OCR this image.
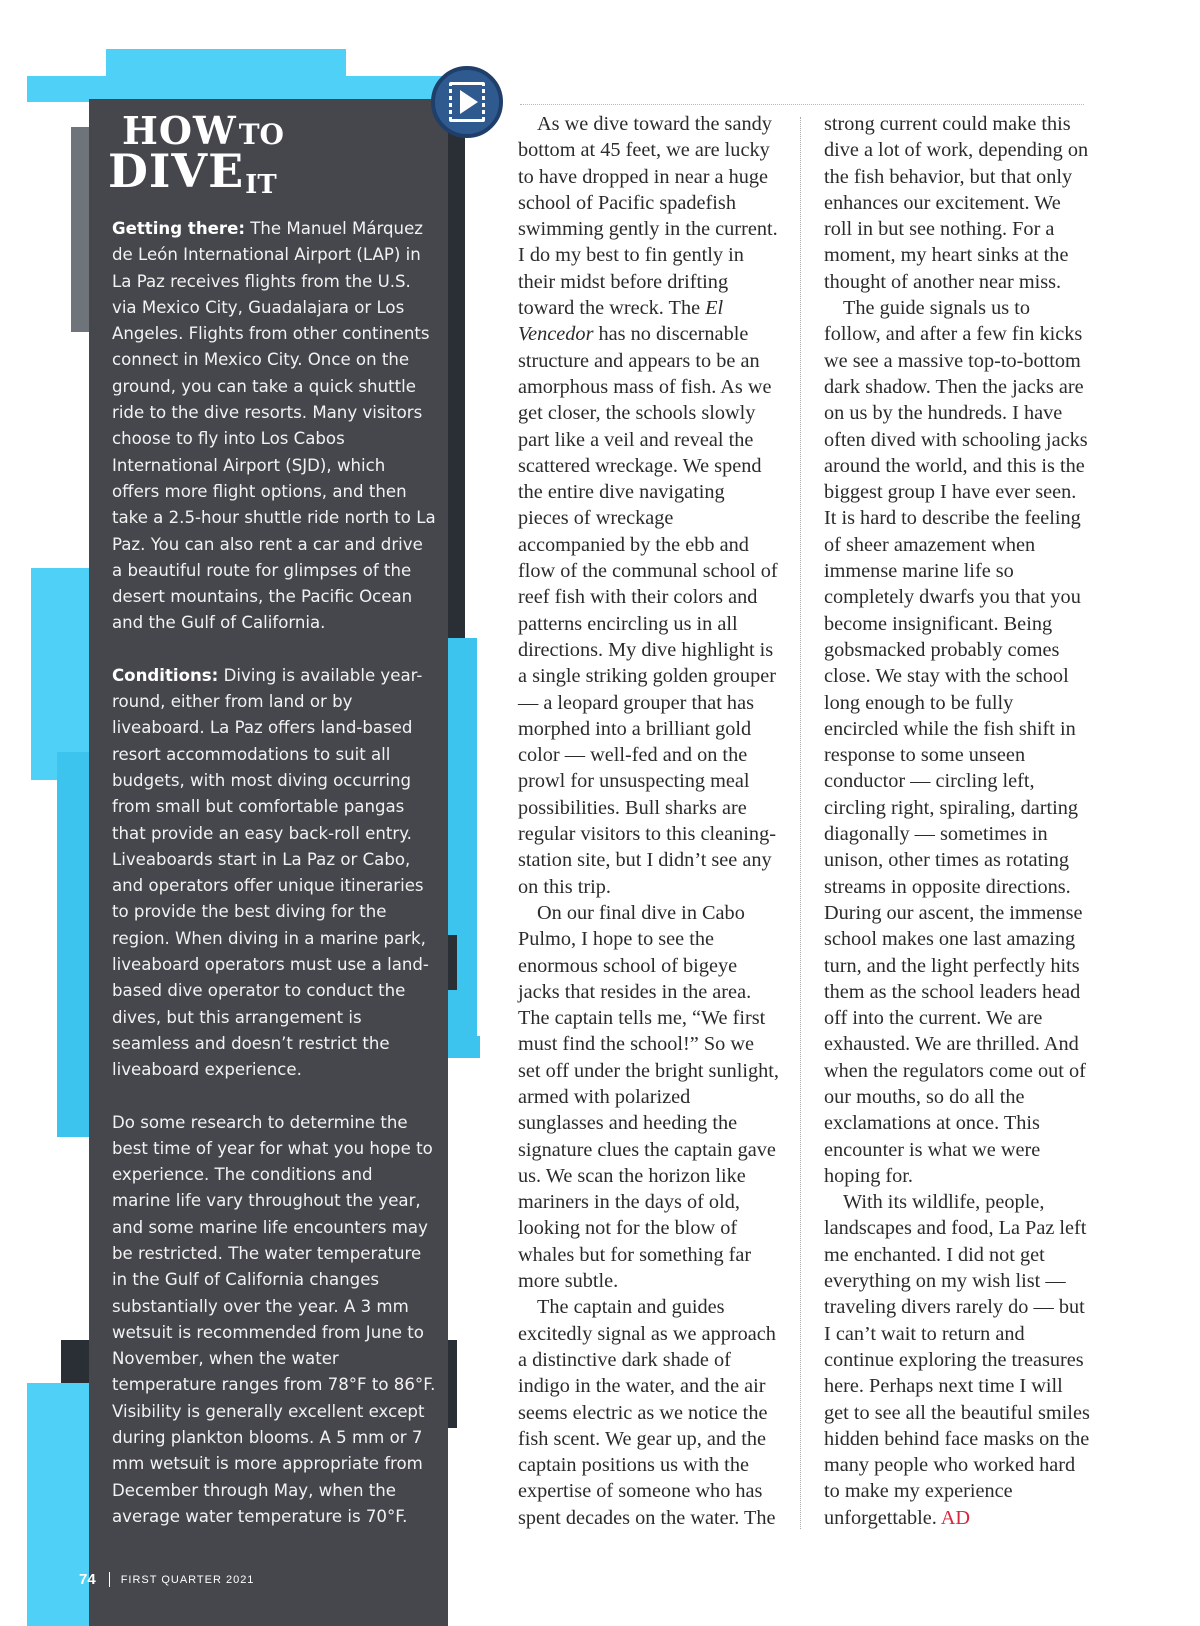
HOW TO
DIVE IT

Getting there: The Manuel Márquez de León International Airport (LAP) in La Paz receives flights from the U.S. via Mexico City, Guadalajara or Los Angeles. Flights from other continents connect in Mexico City. Once on the ground, you can take a quick shuttle ride to the dive resorts. Many visitors choose to fly into Los Cabos International Airport (SJD), which offers more flight options, and then take a 2.5-hour shuttle ride north to La Paz. You can also rent a car and drive a beautiful route for glimpses of the desert mountains, the Pacific Ocean and the Gulf of California.

Conditions: Diving is available year-round, either from land or by liveaboard. La Paz offers land-based resort accommodations to suit all budgets, with most diving occurring from small but comfortable pangas that provide an easy back-roll entry. Liveaboards start in La Paz or Cabo, and operators offer unique itineraries to provide the best diving for the region. When diving in a marine park, liveaboard operators must use a land-based dive operator to conduct the dives, but this arrangement is seamless and doesn’t restrict the liveaboard experience.

Do some research to determine the best time of year for what you hope to experience. The conditions and marine life vary throughout the year, and some marine life encounters may be restricted. The water temperature in the Gulf of California changes substantially over the year. A 3 mm wetsuit is recommended from June to November, when the water temperature ranges from 78°F to 86°F. Visibility is generally excellent except during plankton blooms. A 5 mm or 7 mm wetsuit is more appropriate from December through May, when the average water temperature is 70°F.

As we dive toward the sandy bottom at 45 feet, we are lucky to have dropped in near a huge school of Pacific spadefish swimming gently in the current. I do my best to fin gently in their midst before drifting toward the wreck. The El Vencedor has no discernable structure and appears to be an amorphous mass of fish. As we get closer, the schools slowly part like a veil and reveal the scattered wreckage. We spend the entire dive navigating pieces of wreckage accompanied by the ebb and flow of the communal school of reef fish with their colors and patterns encircling us in all directions. My dive highlight is a single striking golden grouper — a leopard grouper that has morphed into a brilliant gold color — well-fed and on the prowl for unsuspecting meal possibilities. Bull sharks are regular visitors to this cleaning-station site, but I didn’t see any on this trip.

On our final dive in Cabo Pulmo, I hope to see the enormous school of bigeye jacks that resides in the area. The captain tells me, “We first must find the school!” So we set off under the bright sunlight, armed with polarized sunglasses and heeding the signature clues the captain gave us. We scan the horizon like mariners in the days of old, looking not for the blow of whales but for something far more subtle.

The captain and guides excitedly signal as we approach a distinctive dark shade of indigo in the water, and the air seems electric as we notice the fish scent. We gear up, and the captain positions us with the expertise of someone who has spent decades on the water. The

strong current could make this dive a lot of work, depending on the fish behavior, but that only enhances our excitement. We roll in but see nothing. For a moment, my heart sinks at the thought of another near miss.

The guide signals us to follow, and after a few fin kicks we see a massive top-to-bottom dark shadow. Then the jacks are on us by the hundreds. I have often dived with schooling jacks around the world, and this is the biggest group I have ever seen. It is hard to describe the feeling of sheer amazement when immense marine life so completely dwarfs you that you become insignificant. Being gobsmacked probably comes close. We stay with the school long enough to be fully encircled while the fish shift in response to some unseen conductor — circling left, circling right, spiraling, darting diagonally — sometimes in unison, other times as rotating streams in opposite directions. During our ascent, the immense school makes one last amazing turn, and the light perfectly hits them as the school leaders head off into the current. We are exhausted. We are thrilled. And when the regulators come out of our mouths, so do all the exclamations at once. This encounter is what we were hoping for.

With its wildlife, people, landscapes and food, La Paz left me enchanted. I did not get everything on my wish list — traveling divers rarely do — but I can’t wait to return and continue exploring the treasures here. Perhaps next time I will get to see all the beautiful smiles hidden behind face masks on the many people who worked hard to make my experience unforgettable. AD

74 FIRST QUARTER 2021
